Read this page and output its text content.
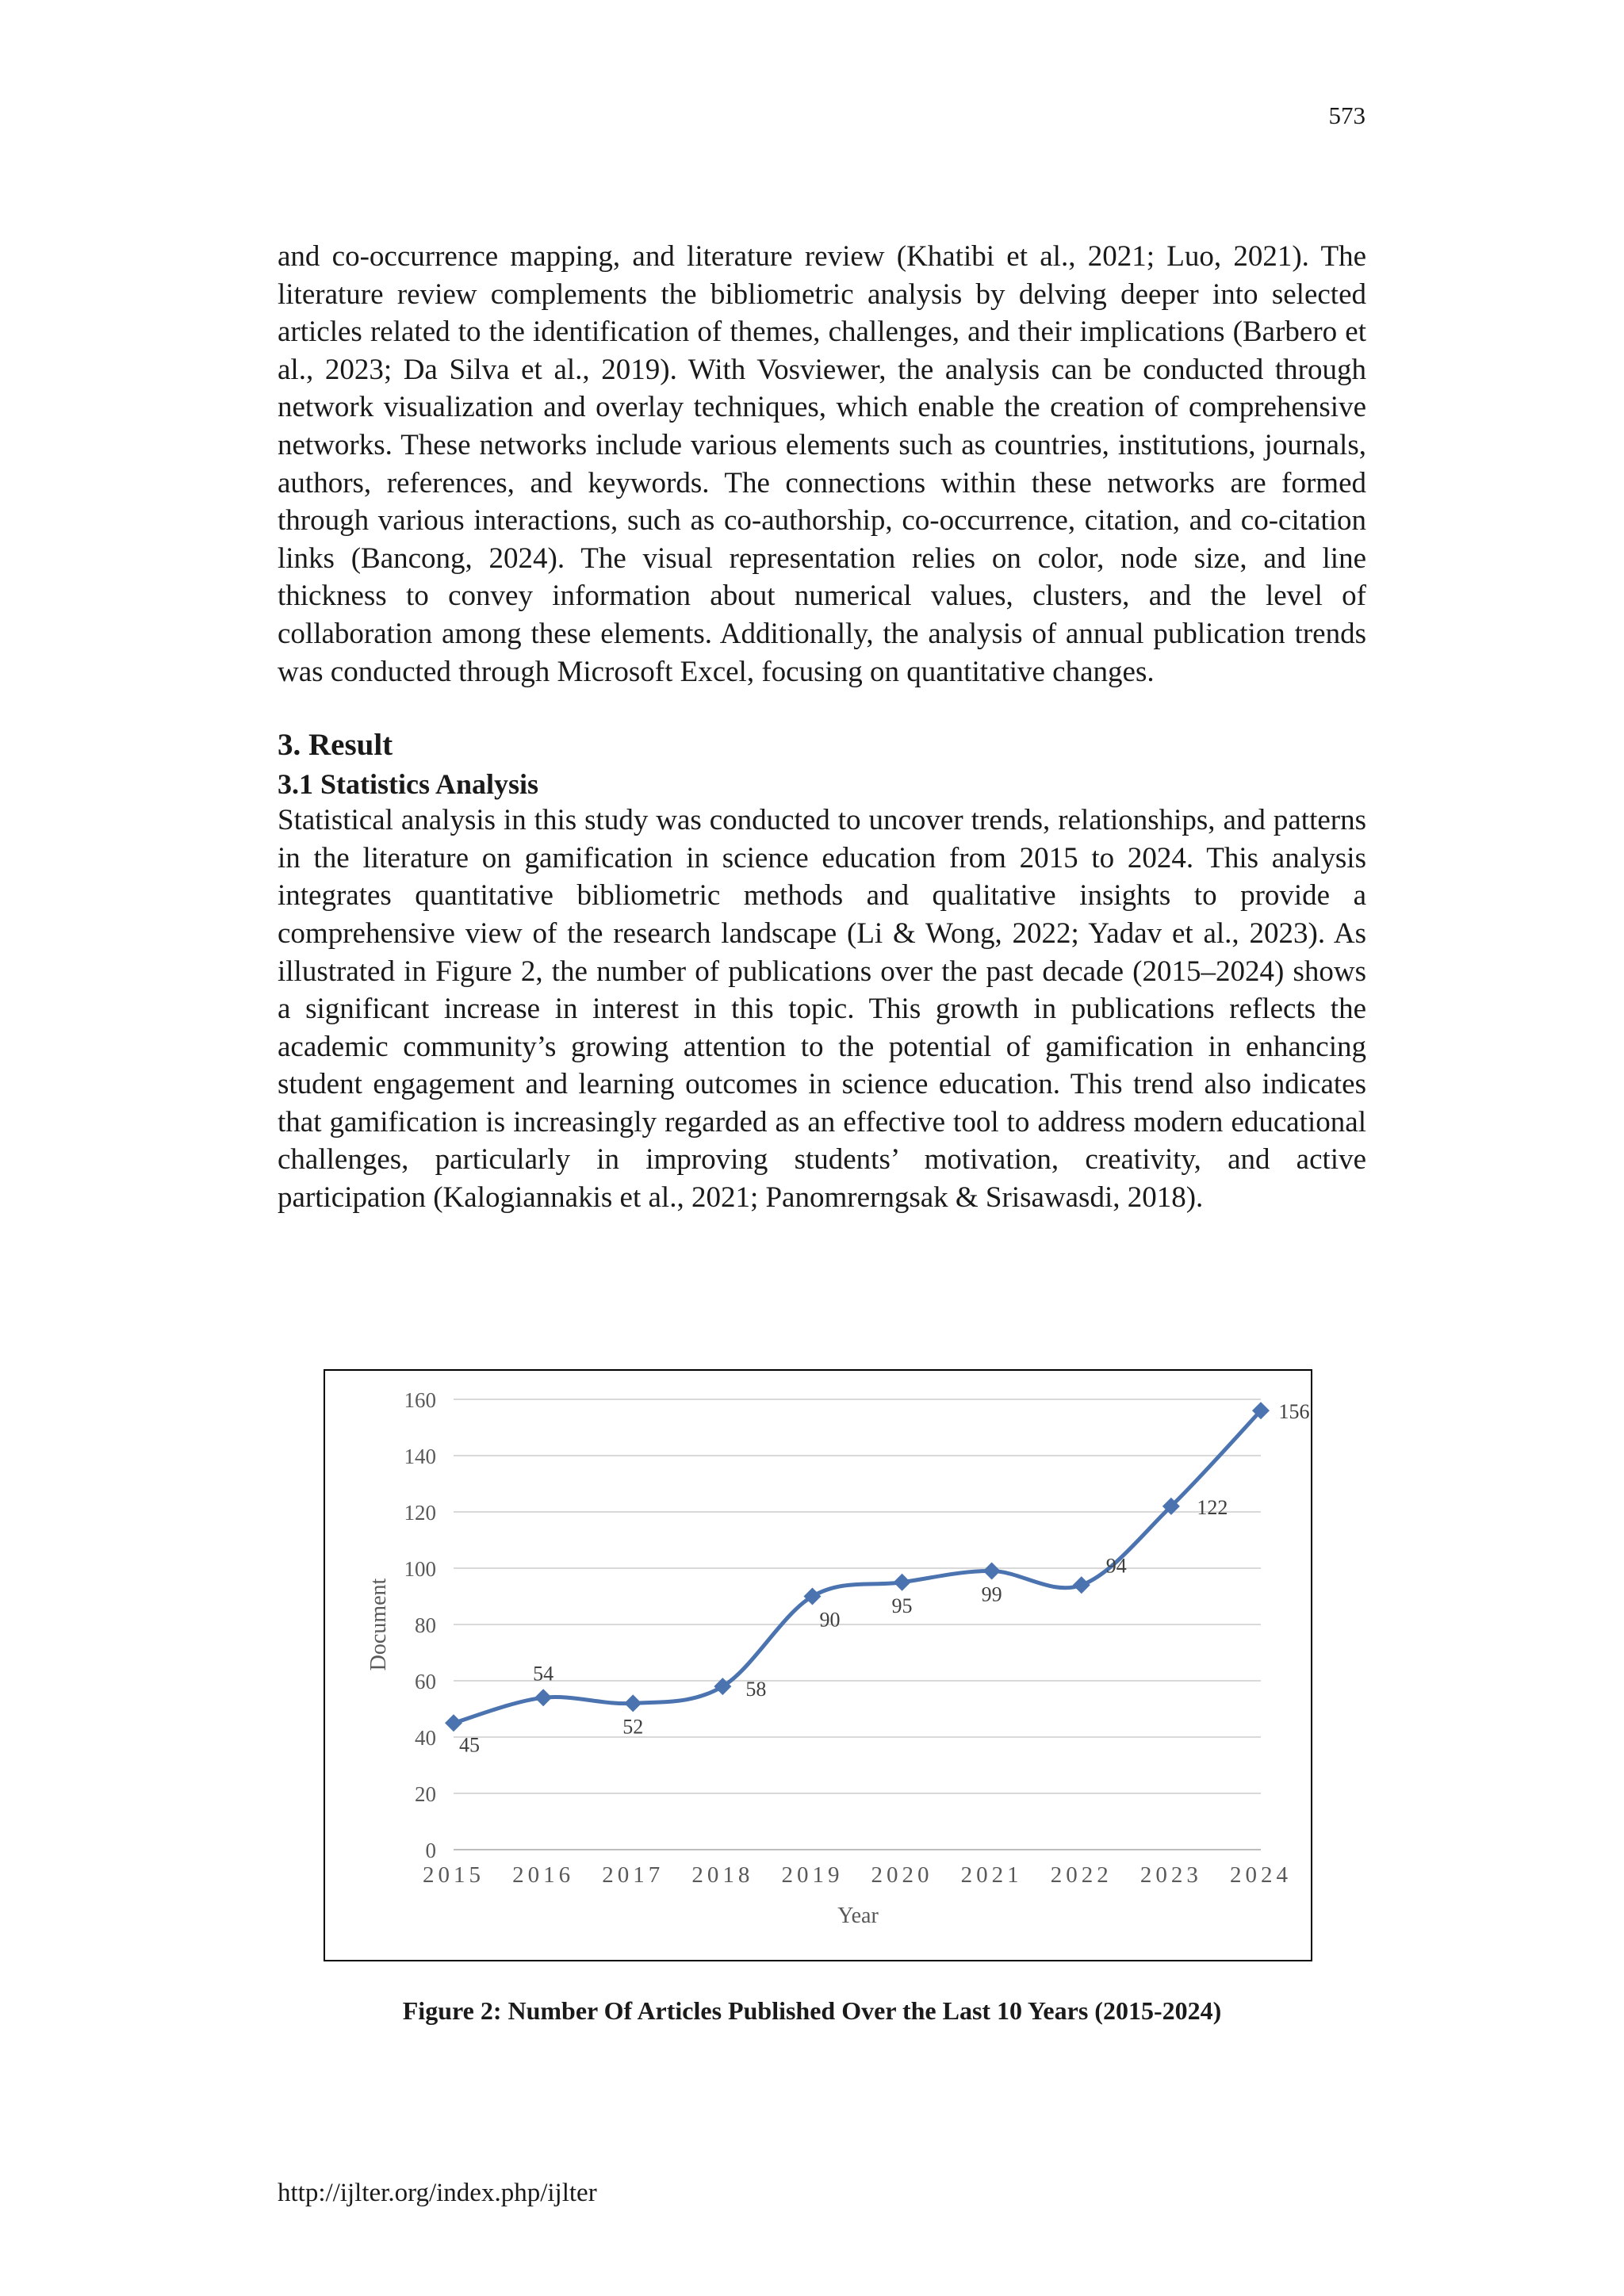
573

and co-occurrence mapping, and literature review (Khatibi et al., 2021; Luo, 2021). The literature review complements the bibliometric analysis by delving deeper into selected articles related to the identification of themes, challenges, and their implications (Barbero et al., 2023; Da Silva et al., 2019). With Vosviewer, the analysis can be conducted through network visualization and overlay techniques, which enable the creation of comprehensive networks. These networks include various elements such as countries, institutions, journals, authors, references, and keywords. The connections within these networks are formed through various interactions, such as co-authorship, co-occurrence, citation, and co-citation links (Bancong, 2024). The visual representation relies on color, node size, and line thickness to convey information about numerical values, clusters, and the level of collaboration among these elements. Additionally, the analysis of annual publication trends was conducted through Microsoft Excel, focusing on quantitative changes.

3. Result
3.1 Statistics Analysis

Statistical analysis in this study was conducted to uncover trends, relationships, and patterns in the literature on gamification in science education from 2015 to 2024. This analysis integrates quantitative bibliometric methods and qualitative insights to provide a comprehensive view of the research landscape (Li & Wong, 2022; Yadav et al., 2023). As illustrated in Figure 2, the number of publications over the past decade (2015–2024) shows a significant increase in interest in this topic. This growth in publications reflects the academic community’s growing attention to the potential of gamification in enhancing student engagement and learning outcomes in science education. This trend also indicates that gamification is increasingly regarded as an effective tool to address modern educational challenges, particularly in improving students’ motivation, creativity, and active participation (Kalogiannakis et al., 2021; Panomrerngsak & Srisawasdi, 2018).

0
20
40
60
80
100
120
140
160
2015 2016 2017 2018 2019 2020 2021 2022 2023 2024
Year
Document
45
54
52
58
90
95	99
94
122
156
Figure 2: Number Of Articles Published Over the Last 10 Years (2015-2024)
http://ijlter.org/index.php/ijlter
